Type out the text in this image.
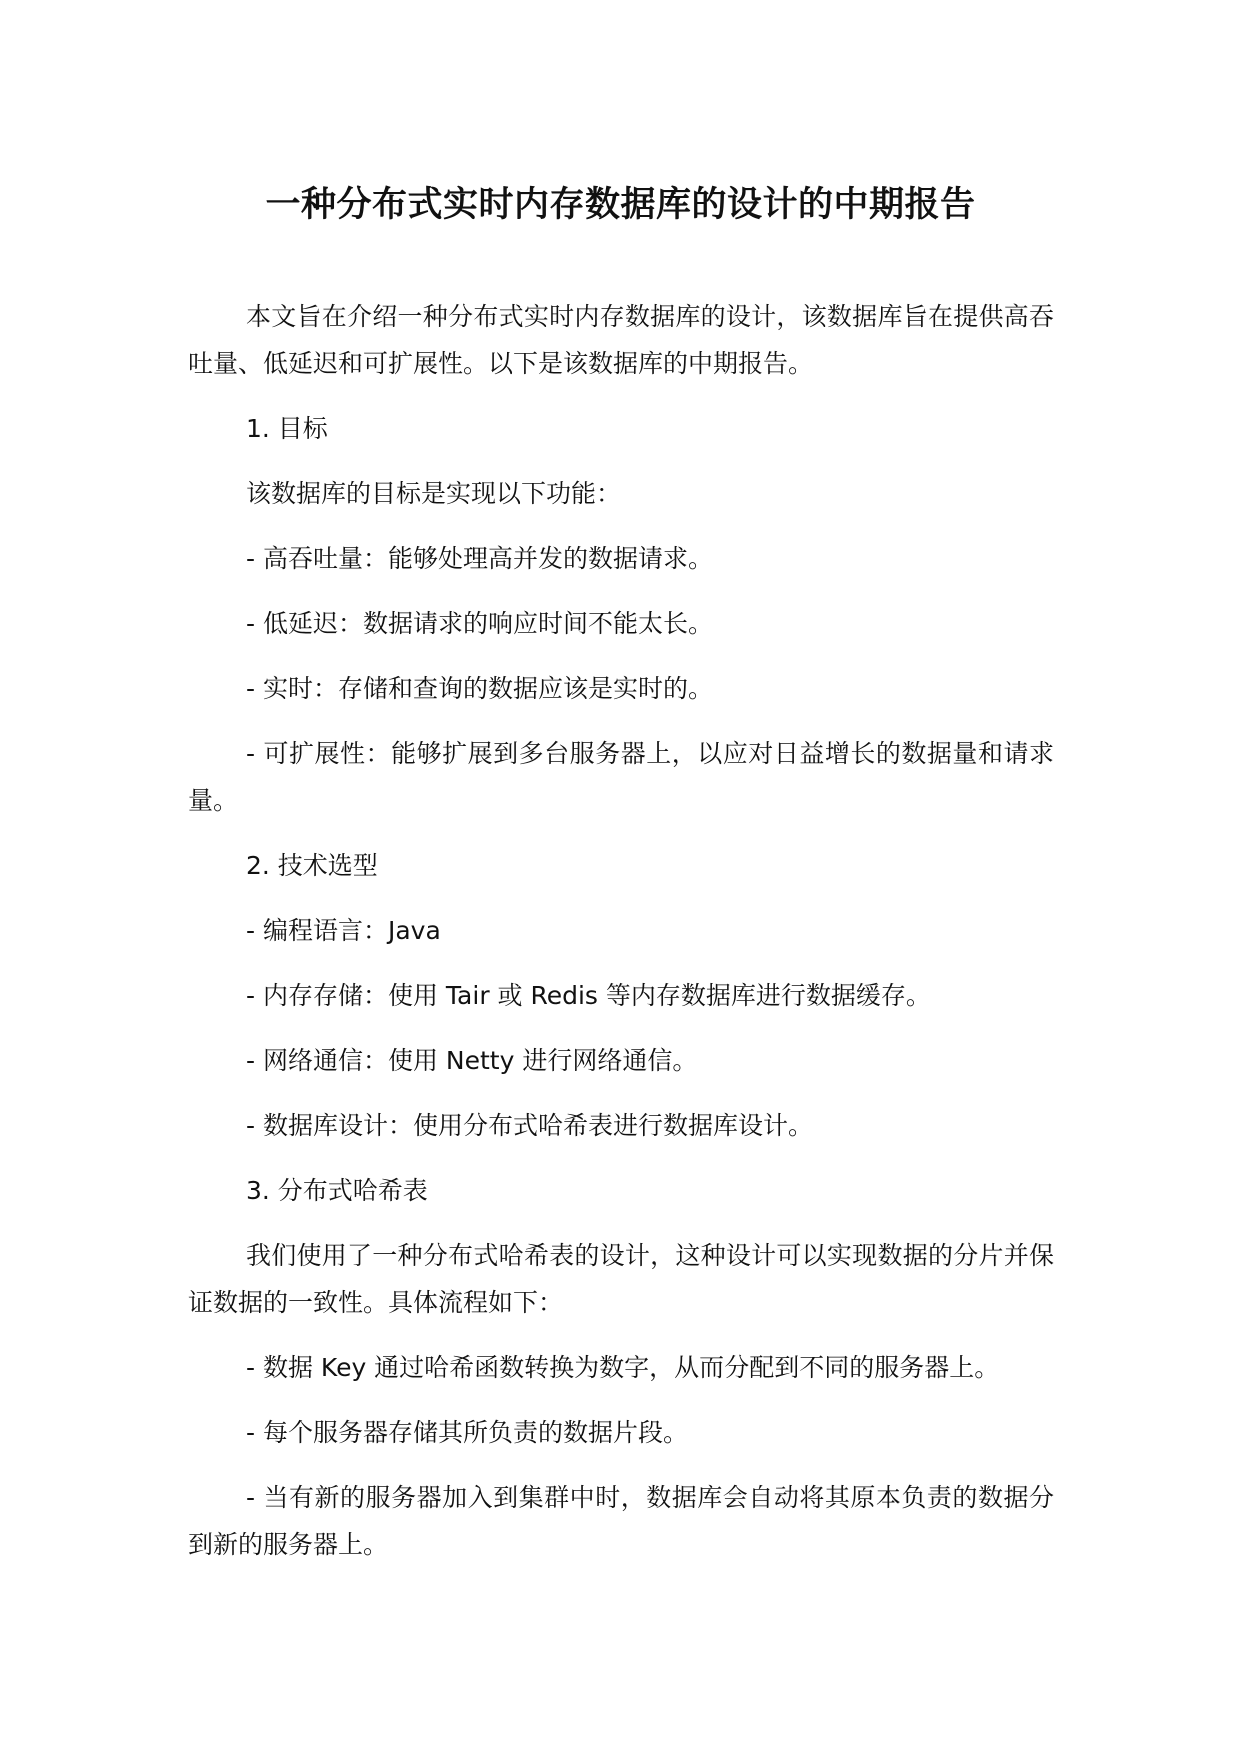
一种分布式实时内存数据库的设计的中期报告

本文旨在介绍一种分布式实时内存数据库的设计，该数据库旨在提供高吞吐量、低延迟和可扩展性。以下是该数据库的中期报告。

1. 目标

该数据库的目标是实现以下功能：

- 高吞吐量：能够处理高并发的数据请求。

- 低延迟：数据请求的响应时间不能太长。

- 实时：存储和查询的数据应该是实时的。

- 可扩展性：能够扩展到多台服务器上，以应对日益增长的数据量和请求量。

2. 技术选型

- 编程语言：Java

- 内存存储：使用 Tair 或 Redis 等内存数据库进行数据缓存。

- 网络通信：使用 Netty 进行网络通信。

- 数据库设计：使用分布式哈希表进行数据库设计。

3. 分布式哈希表

我们使用了一种分布式哈希表的设计，这种设计可以实现数据的分片并保证数据的一致性。具体流程如下：

- 数据 Key 通过哈希函数转换为数字，从而分配到不同的服务器上。

- 每个服务器存储其所负责的数据片段。

- 当有新的服务器加入到集群中时，数据库会自动将其原本负责的数据分到新的服务器上。
